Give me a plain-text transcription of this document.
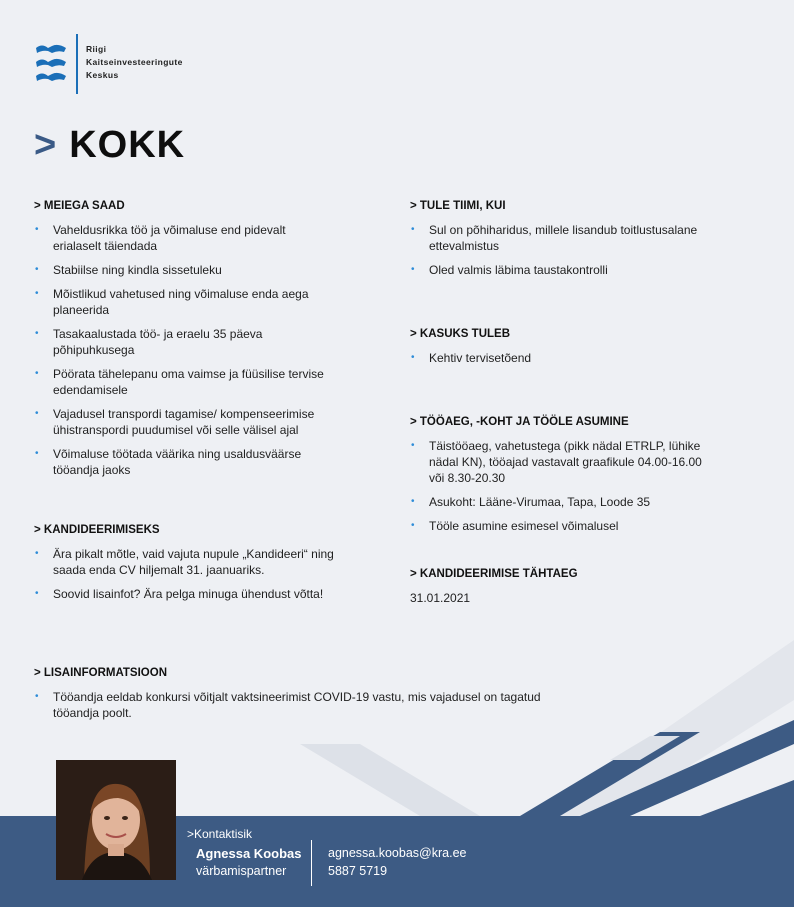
Riigi
Kaitseinvesteeringute
Keskus
> KOKK
> MEIEGA SAAD
• Vaheldusrikka töö ja võimaluse end pidevalt erialaselt täiendada
• Stabiilse ning kindla sissetuleku
• Mõistlikud vahetused ning võimaluse enda aega planeerida
• Tasakaalustada töö- ja eraelu 35 päeva põhipuhkusega
• Pöörata tähelepanu oma vaimse ja füüsilise tervise edendamisele
• Vajadusel transpordi tagamise/ kompenseerimise ühistranspordi puudumisel või selle välisel ajal
• Võimaluse töötada väärika ning usaldusväärse tööandja jaoks
> KANDIDEERIMISEKS
• Ära pikalt mõtle, vaid vajuta nupule „Kandideeri“ ning saada enda CV hiljemalt 31. jaanuariks.
• Soovid lisainfot? Ära pelga minuga ühendust võtta!
> TULE TIIMI, KUI
• Sul on põhiharidus, millele lisandub toitlustusalane ettevalmistus
• Oled valmis läbima taustakontrolli
> KASUKS TULEB
• Kehtiv tervisetõend
> TÖÖAEG, -KOHT JA TÖÖLE ASUMINE
• Täistööaeg, vahetustega (pikk nädal ETRLP, lühike nädal KN), tööajad vastavalt graafikule 04.00-16.00 või 8.30-20.30
• Asukoht: Lääne-Virumaa, Tapa, Loode 35
• Tööle asumine esimesel võimalusel
> KANDIDEERIMISE TÄHTAEG
31.01.2021
> LISAINFORMATSIOON
• Tööandja eeldab konkursi võitjalt vaktsineerimist COVID-19 vastu, mis vajadusel on tagatud tööandja poolt.
>Kontaktisik
Agnessa Koobas
värbamispartner
agnessa.koobas@kra.ee
5887 5719
